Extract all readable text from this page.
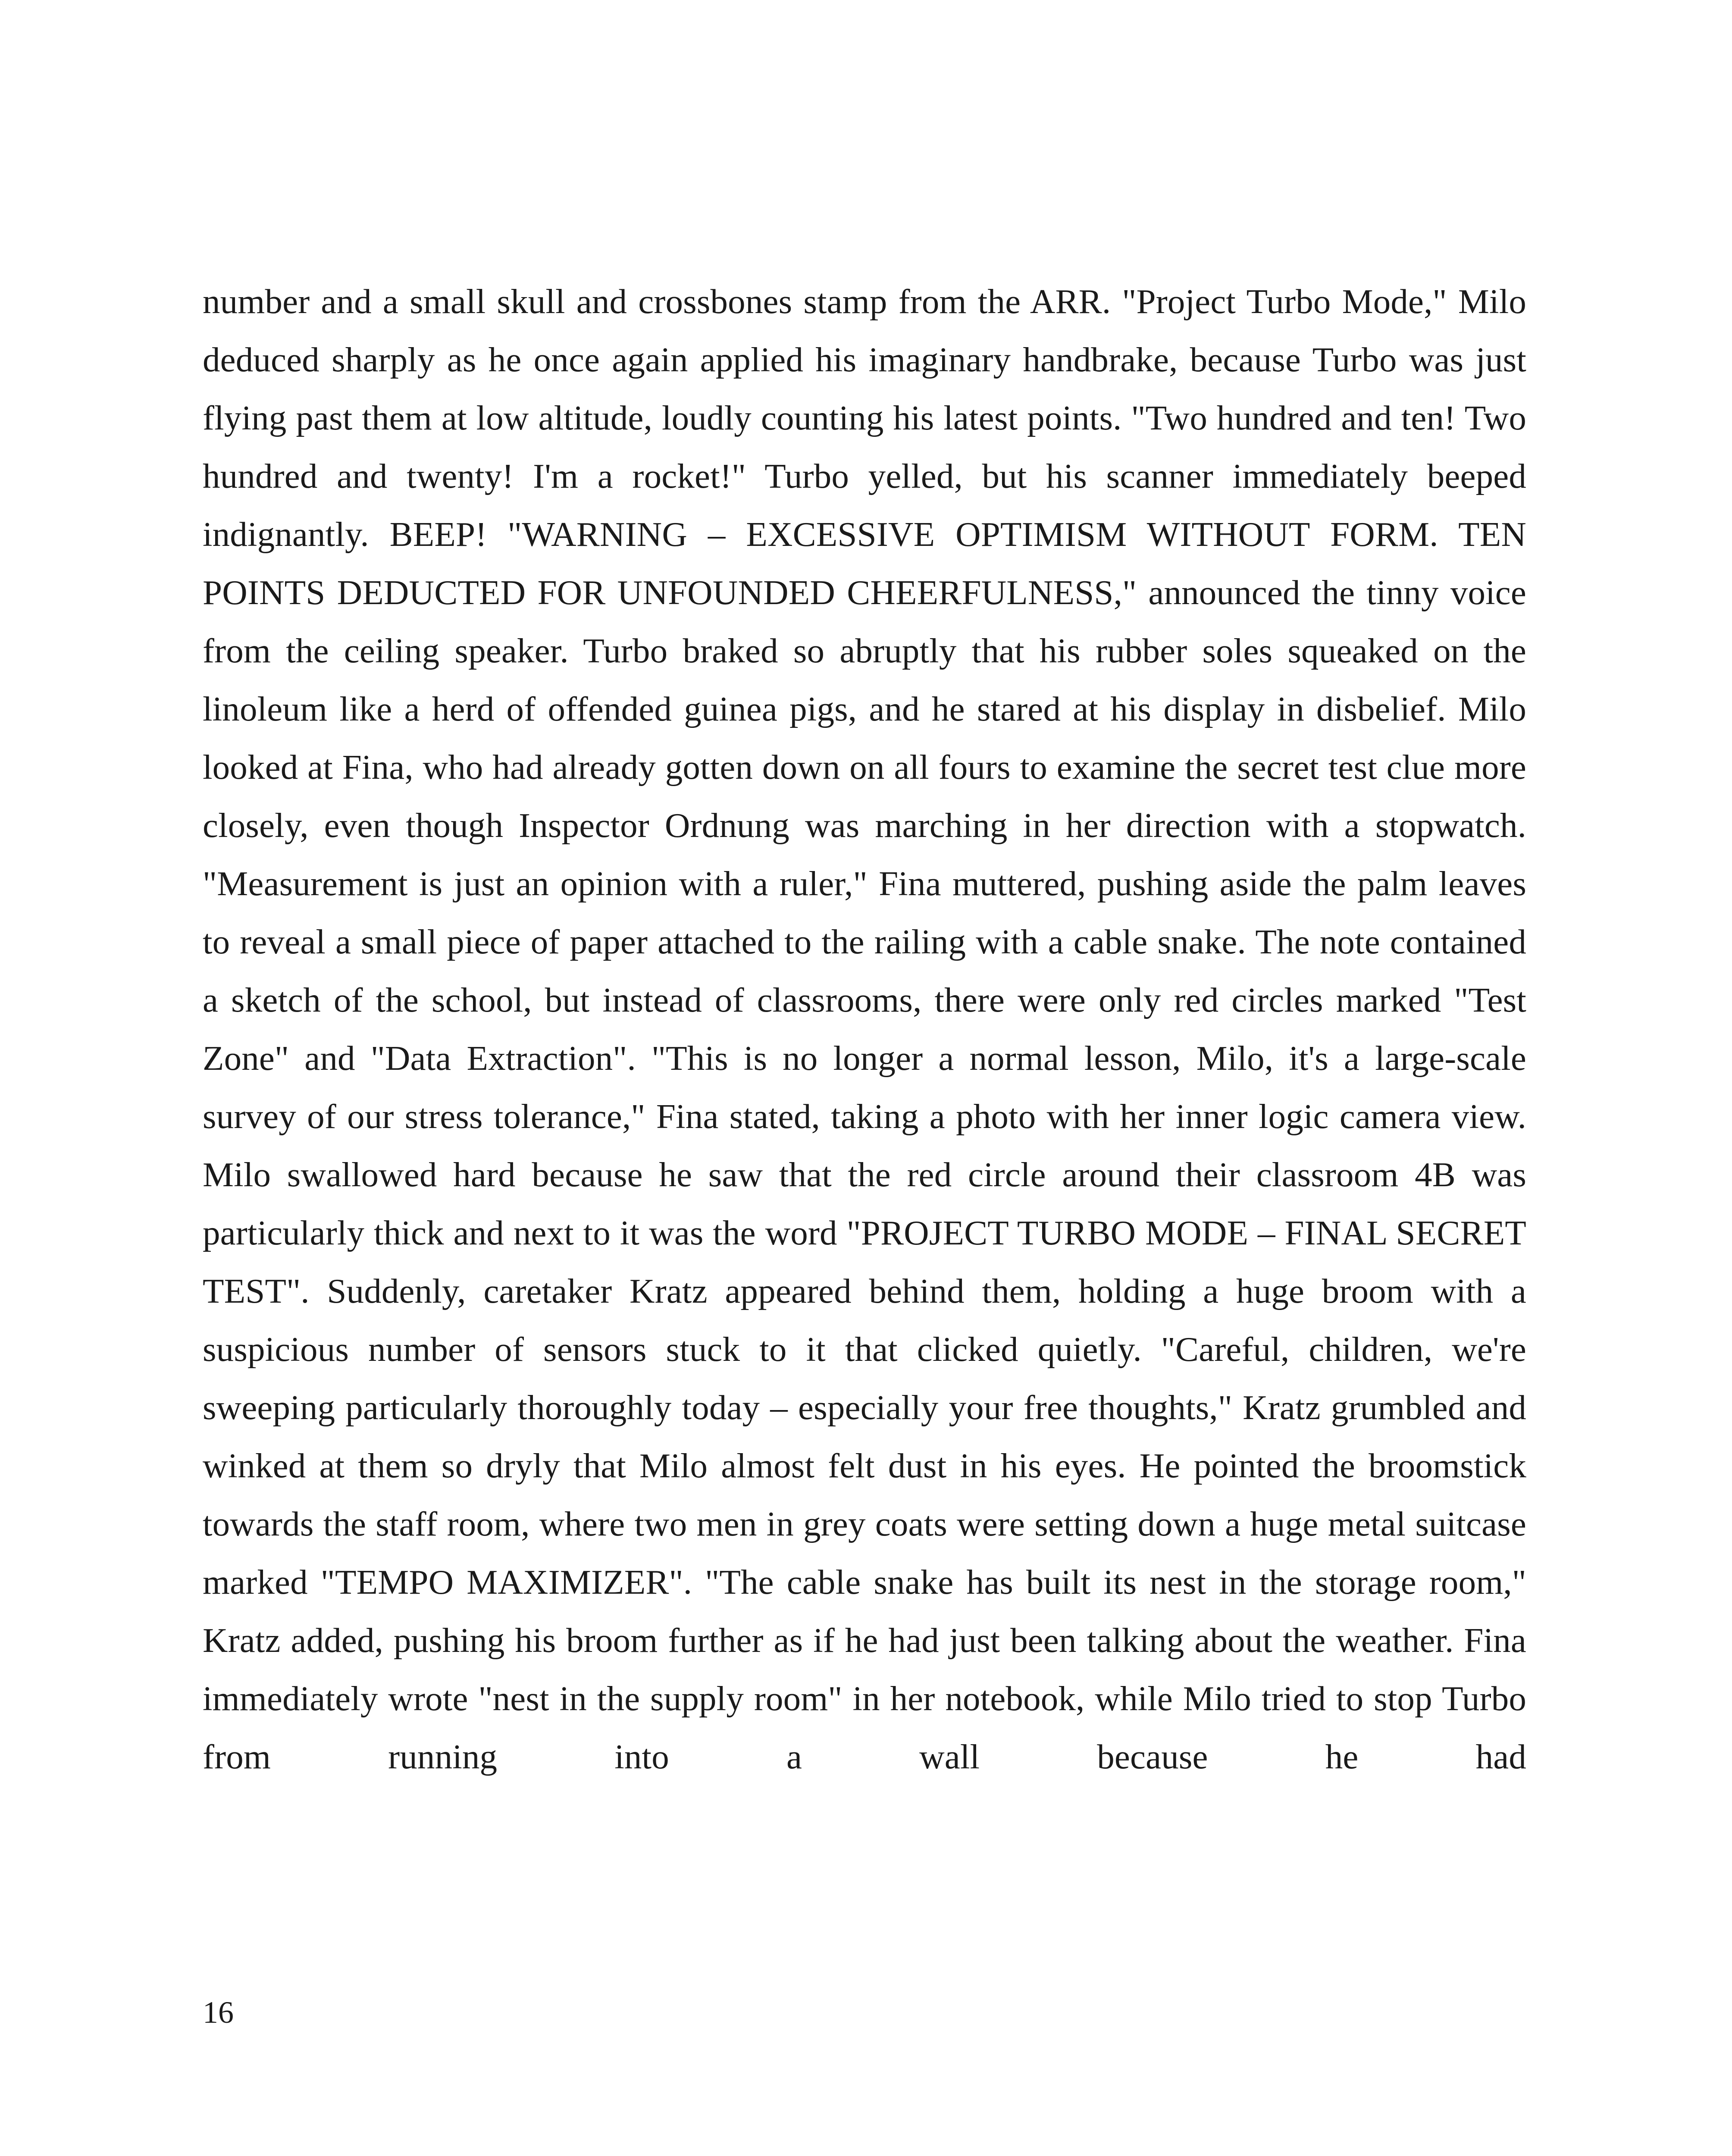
number and a small skull and crossbones stamp from the ARR. "Project Turbo Mode," Milo deduced sharply as he once again applied his imaginary handbrake, because Turbo was just flying past them at low altitude, loudly counting his latest points. "Two hundred and ten! Two hundred and twenty! I'm a rocket!" Turbo yelled, but his scanner immediately beeped indignantly. BEEP! "WARNING – EXCESSIVE OPTIMISM WITHOUT FORM. TEN POINTS DEDUCTED FOR UNFOUNDED CHEERFULNESS," announced the tinny voice from the ceiling speaker. Turbo braked so abruptly that his rubber soles squeaked on the linoleum like a herd of offended guinea pigs, and he stared at his display in disbelief. Milo looked at Fina, who had already gotten down on all fours to examine the secret test clue more closely, even though Inspector Ordnung was marching in her direction with a stopwatch. "Measurement is just an opinion with a ruler," Fina muttered, pushing aside the palm leaves to reveal a small piece of paper attached to the railing with a cable snake. The note contained a sketch of the school, but instead of classrooms, there were only red circles marked "Test Zone" and "Data Extraction". "This is no longer a normal lesson, Milo, it's a large-scale survey of our stress tolerance," Fina stated, taking a photo with her inner logic camera view. Milo swallowed hard because he saw that the red circle around their classroom 4B was particularly thick and next to it was the word "PROJECT TURBO MODE – FINAL SECRET TEST". Suddenly, caretaker Kratz appeared behind them, holding a huge broom with a suspicious number of sensors stuck to it that clicked quietly. "Careful, children, we're sweeping particularly thoroughly today – especially your free thoughts," Kratz grumbled and winked at them so dryly that Milo almost felt dust in his eyes. He pointed the broomstick towards the staff room, where two men in grey coats were setting down a huge metal suitcase marked "TEMPO MAXIMIZER". "The cable snake has built its nest in the storage room," Kratz added, pushing his broom further as if he had just been talking about the weather. Fina immediately wrote "nest in the supply room" in her notebook, while Milo tried to stop Turbo from running into a wall because he had

16
